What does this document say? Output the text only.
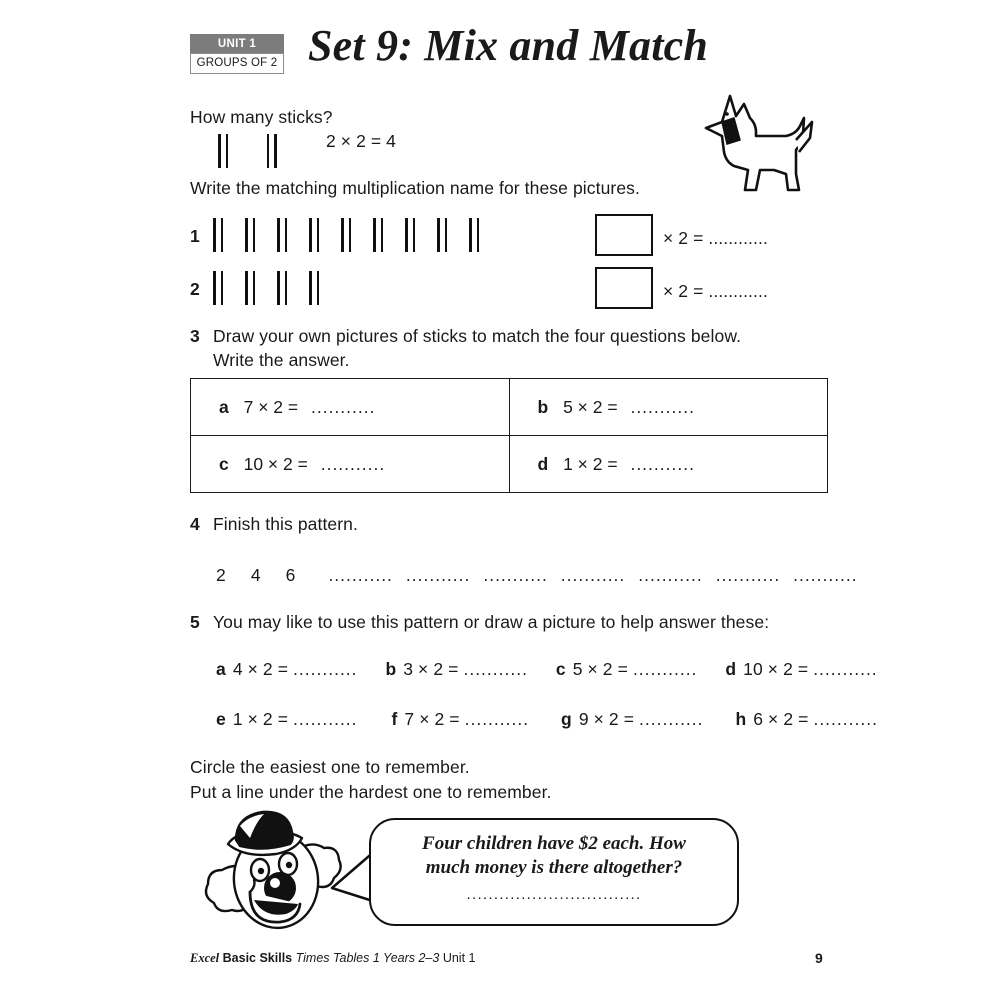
UNIT 1
GROUPS OF 2 Set 9: Mix and Match
How many sticks?

2 × 2 = 4
Write the matching multiplication name for these pictures.
1	× 2 = ............
2	× 2 = ............
3 Draw your own pictures of sticks to match the four questions below.
Write the answer.
a 7 × 2 = ...........	b 5 × 2 = ...........
c 10 × 2 = ...........	d 1 × 2 = ...........
4 Finish this pattern.
2 4 6 ........... ........... ........... ........... ........... ........... ...........
5 You may like to use this pattern or draw a picture to help answer these:
a 4 × 2 = ........... b 3 × 2 = ........... c 5 × 2 = ........... d 10 × 2 = ...........
e 1 × 2 = ........... f 7 × 2 = ........... g 9 × 2 = ........... h 6 × 2 = ...........
Circle the easiest one to remember.
Put a line under the hardest one to remember.
Four children have $2 each. How
much money is there altogether?
................................
Excel Basic Skills Times Tables 1 Years 2–3 Unit 1	9
